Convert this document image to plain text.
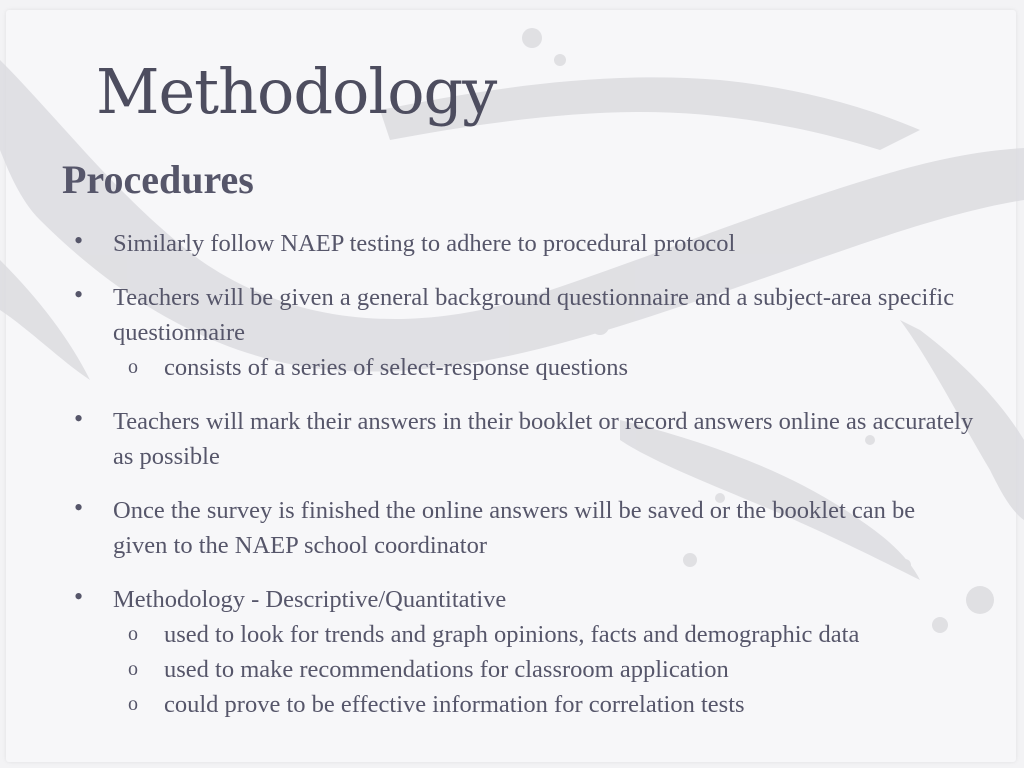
Methodology
Procedures
• Similarly follow NAEP testing to adhere to procedural protocol
• Teachers will be given a general background questionnaire and a subject-area specific questionnaire
o consists of a series of select-response questions
• Teachers will mark their answers in their booklet or record answers online as accurately as possible
• Once the survey is finished the online answers will be saved or the booklet can be given to the NAEP school coordinator
• Methodology - Descriptive/Quantitative
o used to look for trends and graph opinions, facts and demographic data
o used to make recommendations for classroom application
o could prove to be effective information for correlation tests
